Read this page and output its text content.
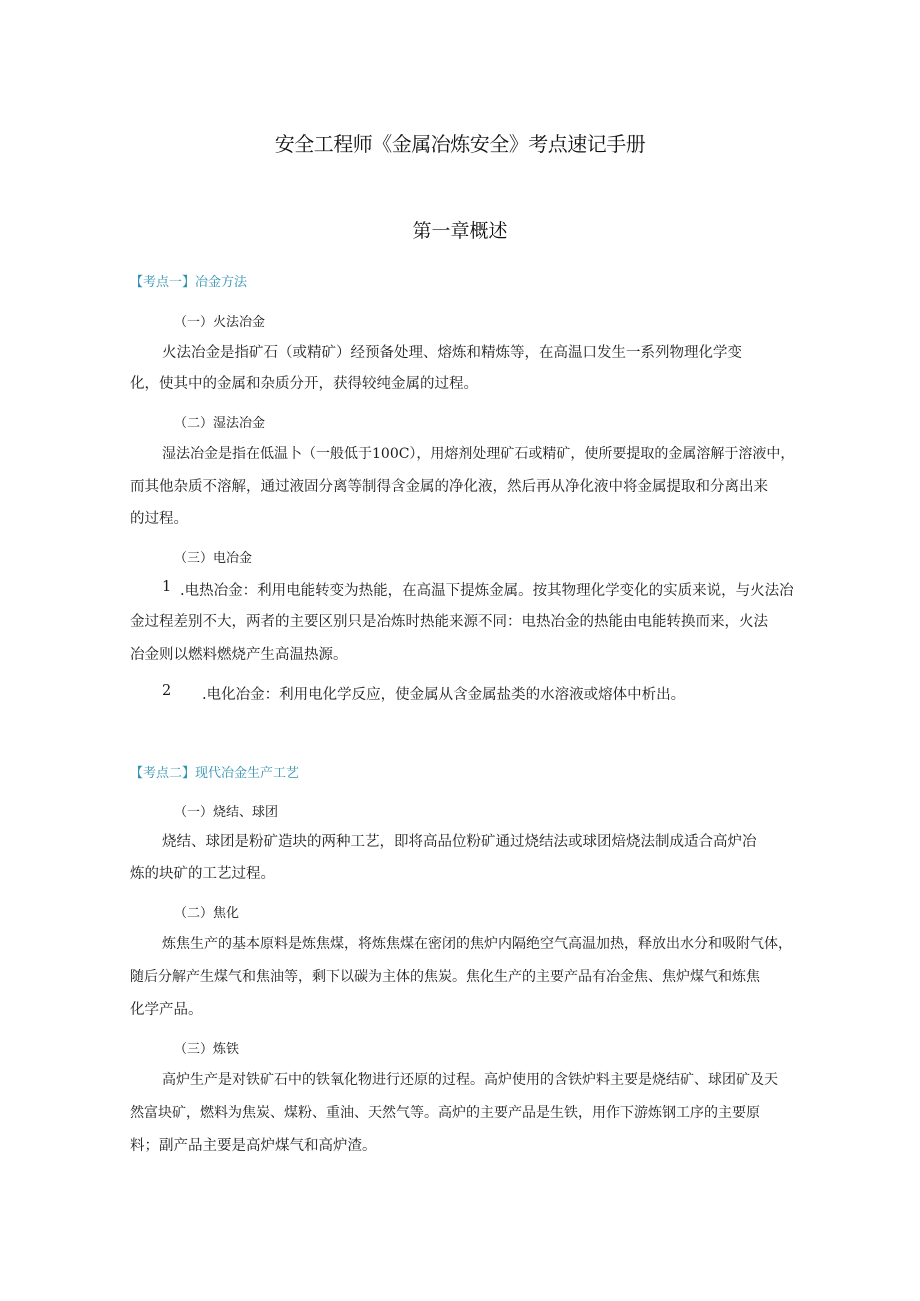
安全工程师《金属冶炼安全》考点速记手册
第一章概述
【考点一】冶金方法
（一）火法冶金
火法冶金是指矿石（或精矿）经预备处理、熔炼和精炼等，在高温口发生一系列物理化学变
化，使其中的金属和杂质分开，获得较纯金属的过程。
（二）湿法冶金
湿法冶金是指在低温卜（一般低于100C），用熔剂处理矿石或精矿，使所要提取的金属溶解于溶液中，
而其他杂质不溶解，通过液固分离等制得含金属的净化液，然后再从净化液中将金属提取和分离出来
的过程。
（三）电冶金
1 .电热冶金：利用电能转变为热能，在高温下提炼金属。按其物理化学变化的实质来说，与火法冶
金过程差别不大，两者的主要区别只是冶炼时热能来源不同：电热冶金的热能由电能转换而来，火法
冶金则以燃料燃烧产生高温热源。
2 .电化冶金：利用电化学反应，使金属从含金属盐类的水溶液或熔体中析出。
【考点二】现代冶金生产工艺
（一）烧结、球团
烧结、球团是粉矿造块的两种工艺，即将高品位粉矿通过烧结法或球团焙烧法制成适合高炉冶
炼的块矿的工艺过程。
（二）焦化
炼焦生产的基本原料是炼焦煤，将炼焦煤在密闭的焦炉内隔绝空气高温加热，释放出水分和吸附气体，
随后分解产生煤气和焦油等，剩下以碳为主体的焦炭。焦化生产的主要产品有冶金焦、焦炉煤气和炼焦
化学产品。
（三）炼铁
高炉生产是对铁矿石中的铁氧化物进行还原的过程。高炉使用的含铁炉料主要是烧结矿、球团矿及天
然富块矿，燃料为焦炭、煤粉、重油、天然气等。高炉的主要产品是生铁，用作下游炼钢工序的主要原
料；副产品主要是高炉煤气和高炉渣。
